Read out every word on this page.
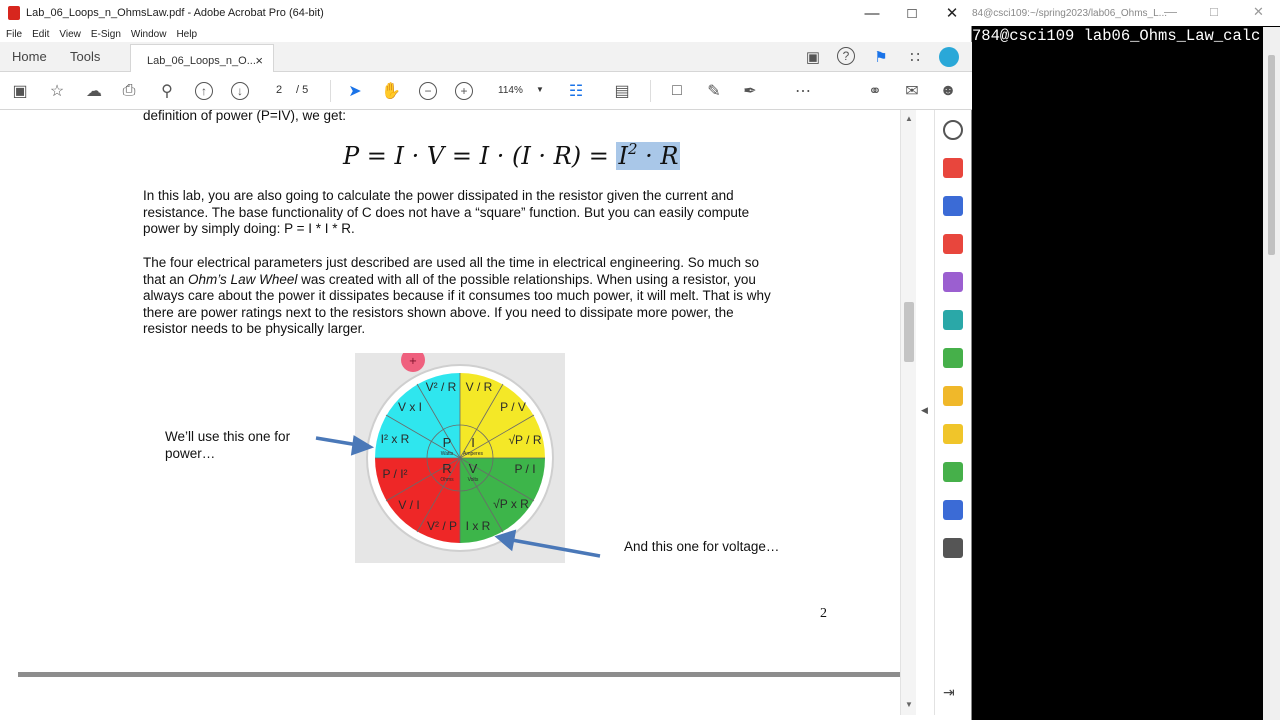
Lab_06_Loops_n_OhmsLaw.pdf - Adobe Acrobat Pro (64-bit)	—	□	✕
File Edit View E-Sign Window Help
Home Tools	Lab_06_Loops_n_O... ×	▣	?	⚑	∷
▣ ☆ ☁ ⎙ ⚲	↑	↓	2	/ 5	➤ ✋	−	+	114% ▼ ☷ ▤	□	✎ ✒ ⋯	⚭ ✉ ☻
definition of power (P=IV), we get:
$P = I \cdot V = I \cdot (I \cdot R) = I^2 \cdot R$
In this lab, you are also going to calculate the power dissipated in the resistor given the current and
resistance. The base functionality of C does not have a “square” function. But you can easily compute
power by simply doing: P = I * I * R.
The four electrical parameters just described are used all the time in electrical engineering. So much so
that an Ohm’s Law Wheel was created with all of the possible relationships. When using a resistor, you
always care about the power it dissipates because if it consumes too much power, it will melt. That is why
there are power ratings next to the resistors shown above. If you need to dissipate more power, the
resistor needs to be physically larger.
V² / R V / R
V x I	P / V
I² x R	√P / R
P / I²	P / I
V / I	√P x R
V² / P I x R
P
Watts
I
Amperes
R
Ohms
V
Volts
+
We’ll use this one for
power…
And this one for voltage…
2
▲
▼
◀
⇥
84@csci109:~/spring2023/lab06_Ohms_L...
—	□	✕
784@csci109 lab06_Ohms_Law_calc
